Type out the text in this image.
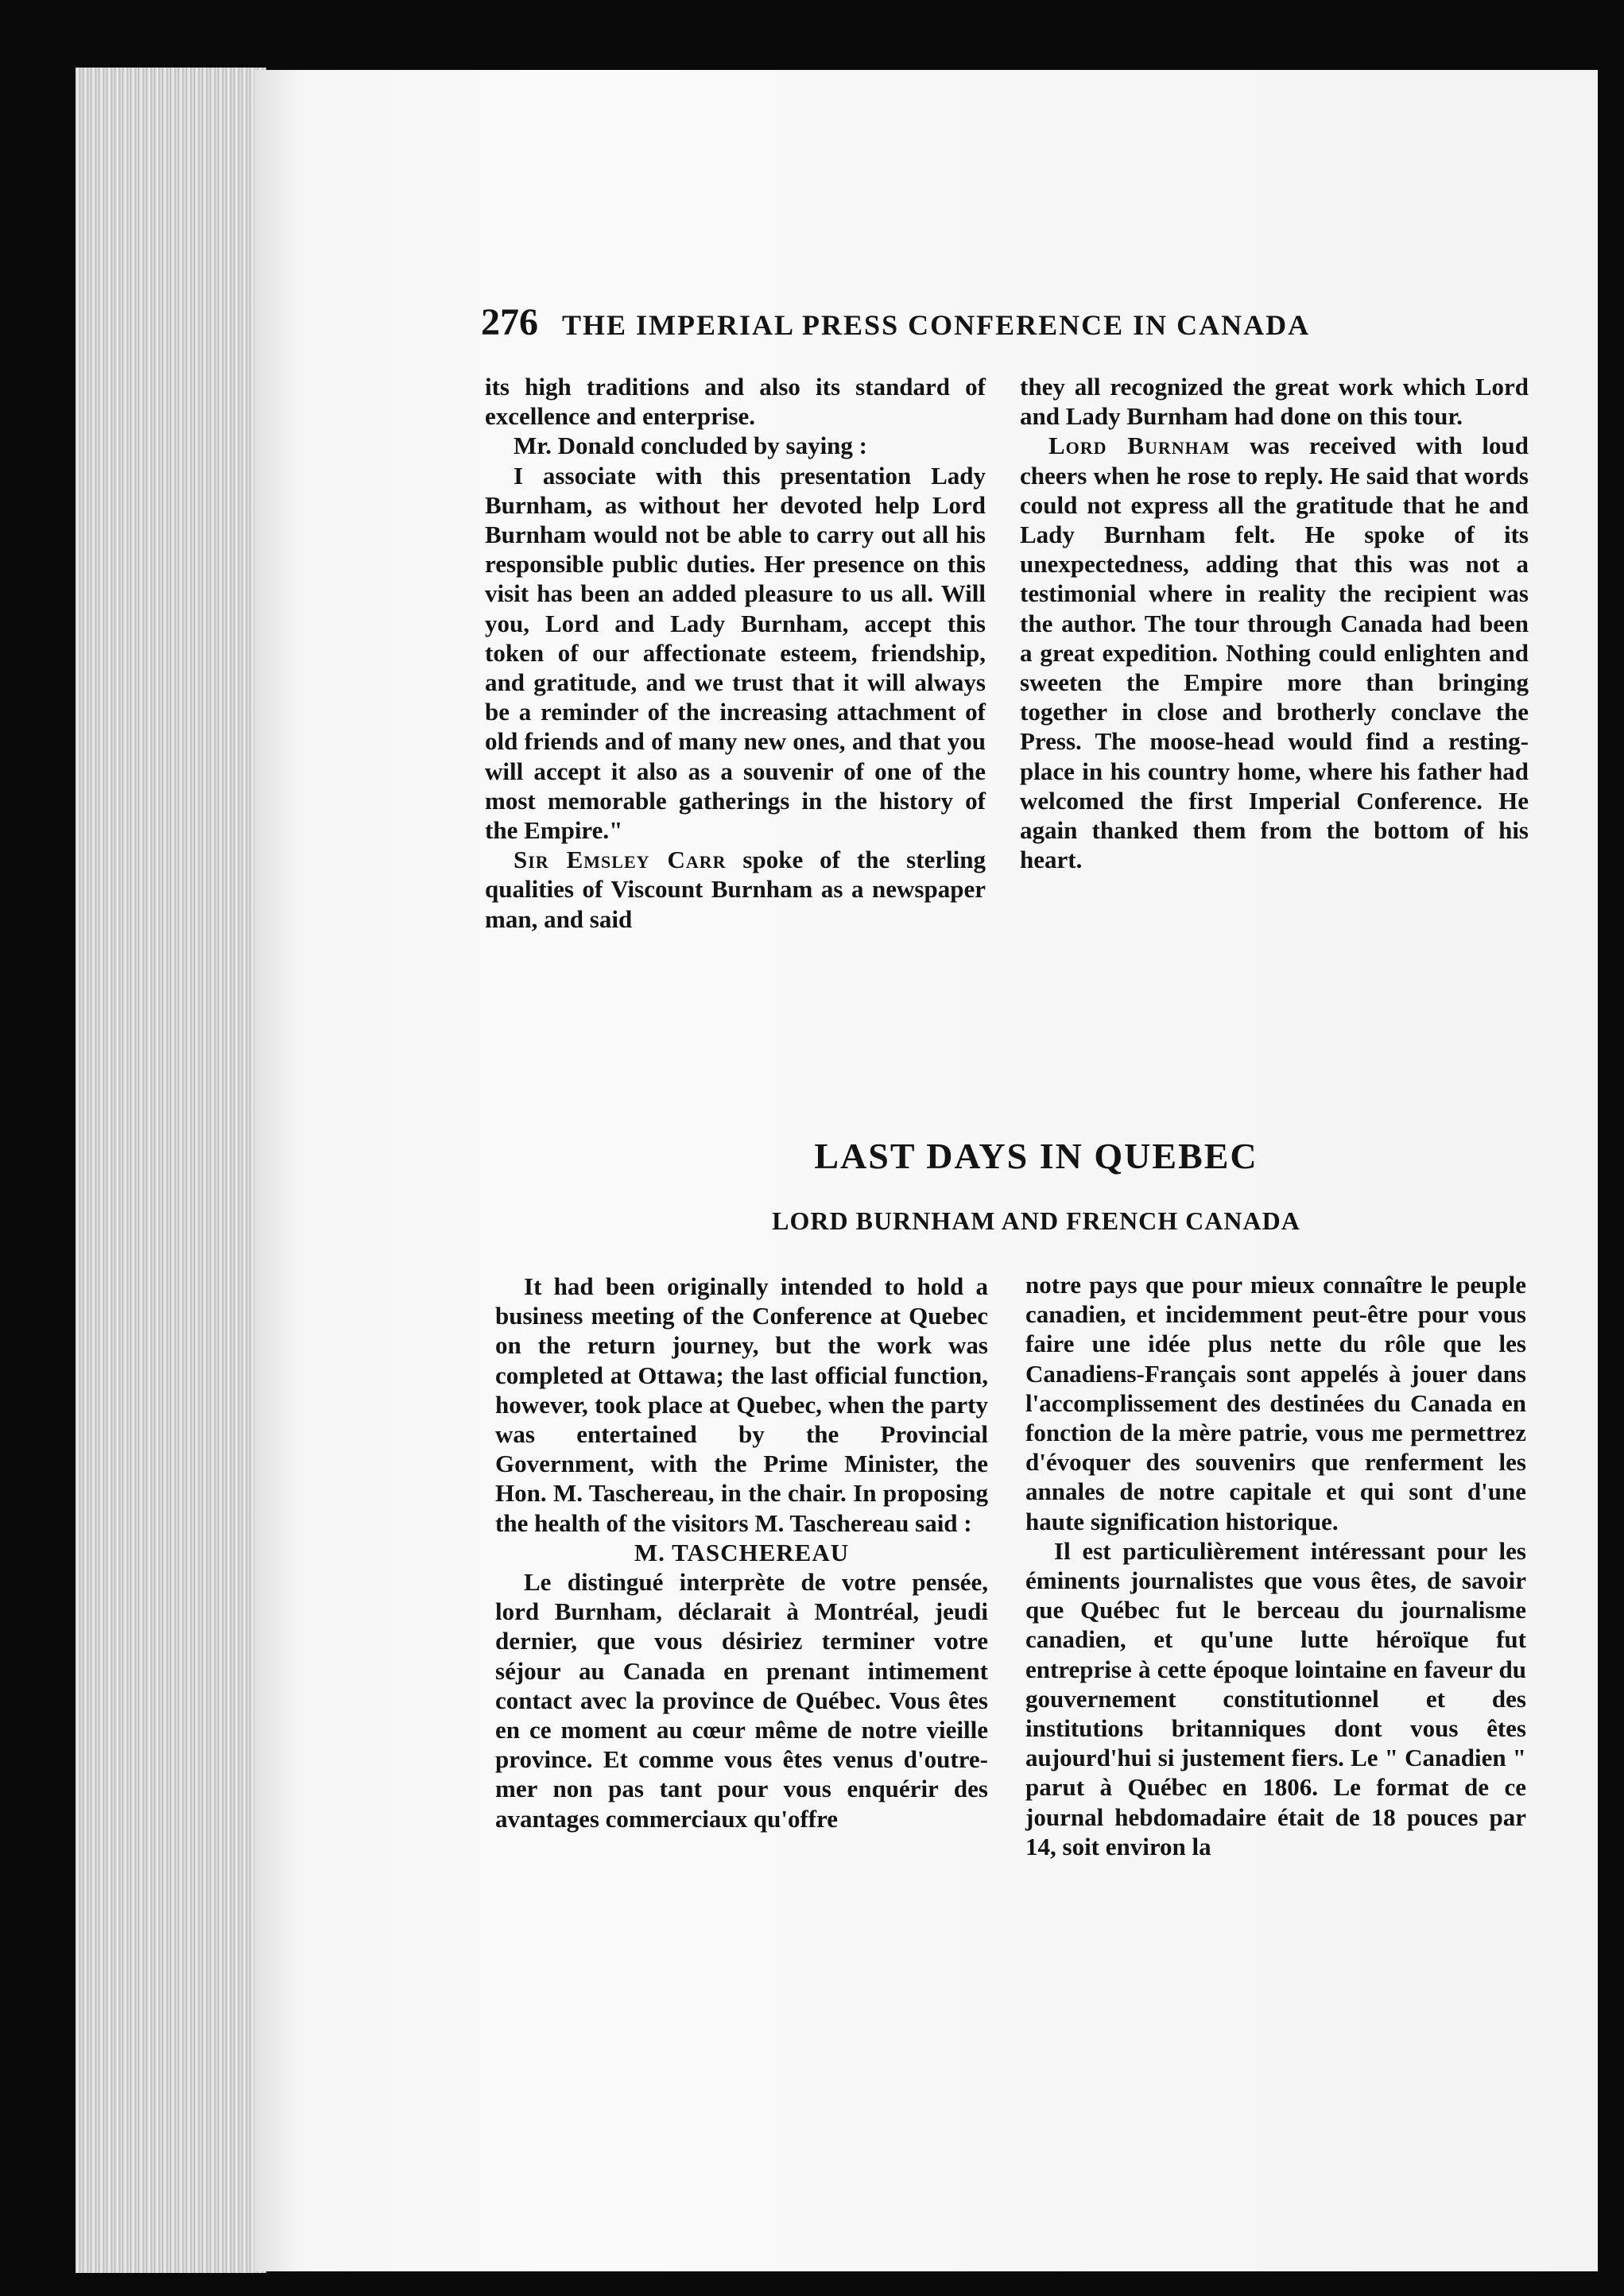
276 THE IMPERIAL PRESS CONFERENCE IN CANADA

its high traditions and also its standard of excellence and enterprise.

Mr. Donald concluded by saying :

I associate with this presentation Lady Burnham, as without her devoted help Lord Burnham would not be able to carry out all his responsible public duties. Her presence on this visit has been an added pleasure to us all. Will you, Lord and Lady Burnham, accept this token of our affectionate esteem, friendship, and gratitude, and we trust that it will always be a reminder of the increasing attachment of old friends and of many new ones, and that you will accept it also as a souvenir of one of the most memorable gatherings in the history of the Empire."

Sir Emsley Carr spoke of the sterling qualities of Viscount Burnham as a newspaper man, and said

they all recognized the great work which Lord and Lady Burnham had done on this tour.

Lord Burnham was received with loud cheers when he rose to reply. He said that words could not express all the gratitude that he and Lady Burnham felt. He spoke of its unexpectedness, adding that this was not a testimonial where in reality the recipient was the author. The tour through Canada had been a great expedition. Nothing could enlighten and sweeten the Empire more than bringing together in close and brotherly conclave the Press. The moose-head would find a resting-place in his country home, where his father had welcomed the first Imperial Conference. He again thanked them from the bottom of his heart.

LAST DAYS IN QUEBEC
LORD BURNHAM AND FRENCH CANADA

It had been originally intended to hold a business meeting of the Conference at Quebec on the return journey, but the work was completed at Ottawa; the last official function, however, took place at Quebec, when the party was entertained by the Provincial Government, with the Prime Minister, the Hon. M. Taschereau, in the chair. In proposing the health of the visitors M. Taschereau said :

M. TASCHEREAU

Le distingué interprète de votre pensée, lord Burnham, déclarait à Montréal, jeudi dernier, que vous désiriez terminer votre séjour au Canada en prenant intimement contact avec la province de Québec. Vous êtes en ce moment au cœur même de notre vieille province. Et comme vous êtes venus d'outre-mer non pas tant pour vous enquérir des avantages commerciaux qu'offre

notre pays que pour mieux connaître le peuple canadien, et incidemment peut-être pour vous faire une idée plus nette du rôle que les Canadiens-Français sont appelés à jouer dans l'accomplissement des destinées du Canada en fonction de la mère patrie, vous me permettrez d'évoquer des souvenirs que renferment les annales de notre capitale et qui sont d'une haute signification historique.

Il est particulièrement intéressant pour les éminents journalistes que vous êtes, de savoir que Québec fut le berceau du journalisme canadien, et qu'une lutte héroïque fut entreprise à cette époque lointaine en faveur du gouvernement constitutionnel et des institutions britanniques dont vous êtes aujourd'hui si justement fiers. Le " Canadien " parut à Québec en 1806. Le format de ce journal hebdomadaire était de 18 pouces par 14, soit environ la
